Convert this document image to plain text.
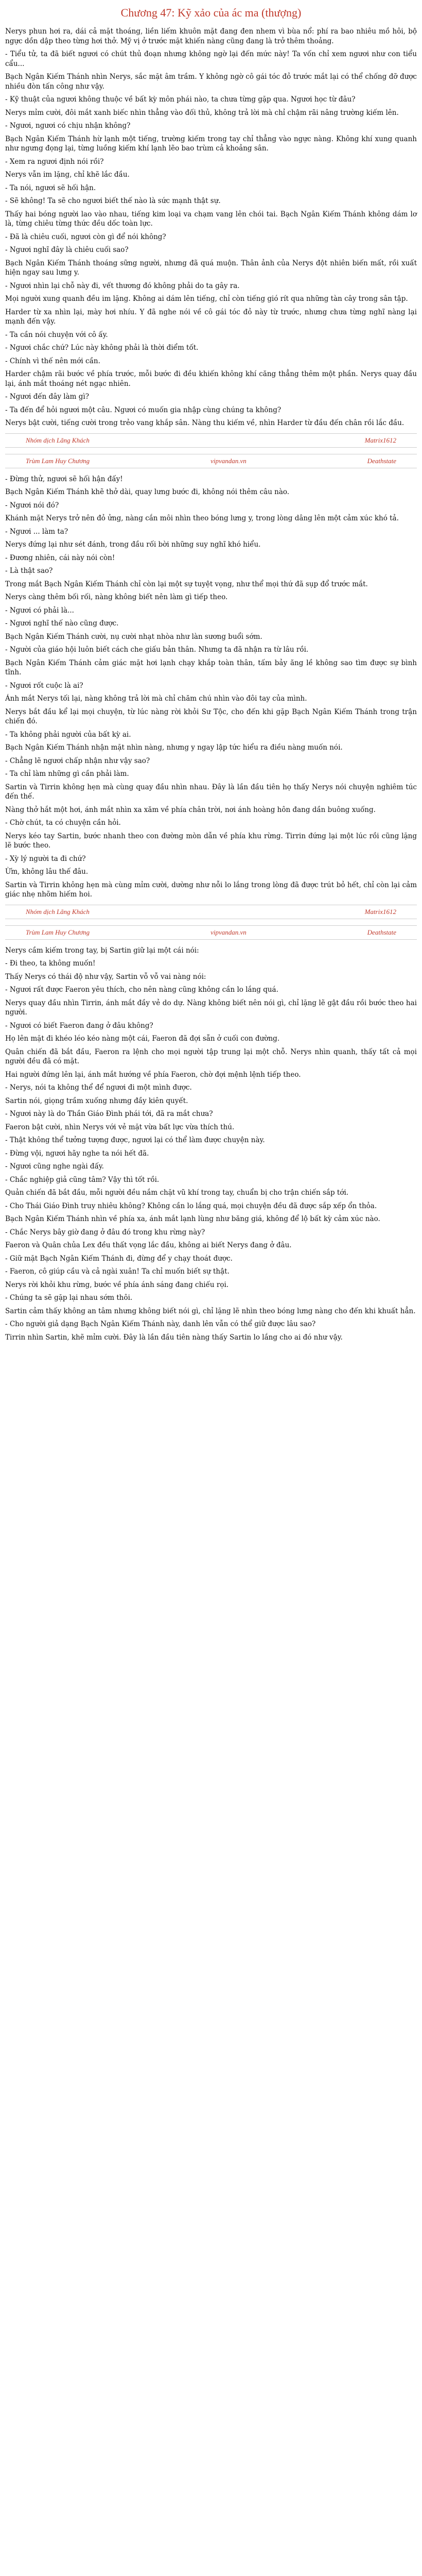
Chương 47: Kỹ xảo của ác ma (thượng)

Nerys phun hơi ra, dái cả mặt thoáng, liền liếm khuôn mặt đang đen nhem vì bùa nổ: phí ra bao nhiêu mồ hôi, bộ ngực dồn dập theo từng hơi thở. Mỹ vị ở trước mặt khiến nàng cũng đang là trở thêm thoảng.

- Tiểu tử, ta đã biết ngươi có chút thủ đoạn nhưng không ngờ lại đến mức này! Ta vốn chỉ xem ngươi như con tiểu cẩu...

Bạch Ngân Kiếm Thánh nhìn Nerys, sắc mặt âm trầm. Y không ngờ cô gái tóc đỏ trước mắt lại có thể chống đỡ được nhiều đòn tấn công như vậy.

- Kỹ thuật của ngươi không thuộc về bất kỳ môn phái nào, ta chưa từng gặp qua. Ngươi học từ đâu?

Nerys mỉm cười, đôi mắt xanh biếc nhìn thẳng vào đối thủ, không trả lời mà chỉ chậm rãi nâng trường kiếm lên.

- Ngươi, ngươi có chịu nhận không?

Bạch Ngân Kiếm Thánh hừ lạnh một tiếng, trường kiếm trong tay chỉ thẳng vào ngực nàng. Không khí xung quanh như ngưng đọng lại, từng luồng kiếm khí lạnh lẽo bao trùm cả khoảng sân.

- Xem ra ngươi định nói rồi?

Nerys vẫn im lặng, chỉ khẽ lắc đầu.

- Ta nói, ngươi sẽ hối hận.

- Sẽ không! Ta sẽ cho ngươi biết thế nào là sức mạnh thật sự.

Thấy hai bóng người lao vào nhau, tiếng kim loại va chạm vang lên chói tai. Bạch Ngân Kiếm Thánh không dám lơ là, từng chiêu từng thức đều dốc toàn lực.

- Đã là chiêu cuối, ngươi còn gì để nói không?

- Ngươi nghĩ đây là chiêu cuối sao?

Bạch Ngân Kiếm Thánh thoáng sững người, nhưng đã quá muộn. Thân ảnh của Nerys đột nhiên biến mất, rồi xuất hiện ngay sau lưng y.

- Ngươi nhìn lại chỗ này đi, vết thương đó không phải do ta gây ra.

Mọi người xung quanh đều im lặng. Không ai dám lên tiếng, chỉ còn tiếng gió rít qua những tàn cây trong sân tập.

Harder từ xa nhìn lại, mày hơi nhíu. Y đã nghe nói về cô gái tóc đỏ này từ trước, nhưng chưa từng nghĩ nàng lại mạnh đến vậy.

- Ta cần nói chuyện với cô ấy.

- Ngươi chắc chứ? Lúc này không phải là thời điểm tốt.

- Chính vì thế nên mới cần.

Harder chậm rãi bước về phía trước, mỗi bước đi đều khiến không khí căng thẳng thêm một phần. Nerys quay đầu lại, ánh mắt thoáng nét ngạc nhiên.

- Ngươi đến đây làm gì?

- Ta đến để hỏi ngươi một câu. Ngươi có muốn gia nhập cùng chúng ta không?

Nerys bật cười, tiếng cười trong trẻo vang khắp sân. Nàng thu kiếm về, nhìn Harder từ đầu đến chân rồi lắc đầu.

Nhóm dịch Lãng Khách	Matrix1612
Trùm Lam Huy Chương	vipvandan.vn	Deathstate

- Đừng thử, ngươi sẽ hối hận đấy!

Bạch Ngân Kiếm Thánh khẽ thở dài, quay lưng bước đi, không nói thêm câu nào.

- Ngươi nói đó?

Khánh mặt Nerys trở nên đỏ ửng, nàng cắn môi nhìn theo bóng lưng y, trong lòng dâng lên một cảm xúc khó tả.

- Ngươi ... làm ta?

Nerys đứng lại như sét đánh, trong đầu rối bời những suy nghĩ khó hiểu.

- Đương nhiên, cái này nói còn!

- Là thật sao?

Trong mắt Bạch Ngân Kiếm Thánh chỉ còn lại một sự tuyệt vọng, như thể mọi thứ đã sụp đổ trước mắt.

Nerys càng thêm bối rối, nàng không biết nên làm gì tiếp theo.

- Ngươi có phải là...

- Ngươi nghĩ thế nào cũng được.

Bạch Ngân Kiếm Thánh cười, nụ cười nhạt nhòa như làn sương buổi sớm.

- Người của giáo hội luôn biết cách che giấu bản thân. Nhưng ta đã nhận ra từ lâu rồi.

Bạch Ngân Kiếm Thánh cảm giác mặt hơi lạnh chạy khắp toàn thân, tấm bảy ăng lề không sao tìm được sự bình tĩnh.

- Ngươi rốt cuộc là ai?

Ánh mắt Nerys tối lại, nàng không trả lời mà chỉ chăm chú nhìn vào đôi tay của mình.

Nerys bắt đầu kể lại mọi chuyện, từ lúc nàng rời khỏi Sư Tộc, cho đến khi gặp Bạch Ngân Kiếm Thánh trong trận chiến đó.

- Ta không phải người của bất kỳ ai.

Bạch Ngân Kiếm Thánh nhận mặt nhìn nàng, nhưng y ngay lập tức hiểu ra điều nàng muốn nói.

- Chẳng lẽ ngươi chấp nhận như vậy sao?

- Ta chỉ làm những gì cần phải làm.

Sartin và Tirrin không hẹn mà cùng quay đầu nhìn nhau. Đây là lần đầu tiên họ thấy Nerys nói chuyện nghiêm túc đến thế.

Nàng thở hắt một hơi, ánh mắt nhìn xa xăm về phía chân trời, nơi ánh hoàng hôn đang dần buông xuống.

- Chờ chút, ta có chuyện cần hỏi.

Nerys kéo tay Sartin, bước nhanh theo con đường mòn dẫn về phía khu rừng. Tirrin đứng lại một lúc rồi cũng lặng lẽ bước theo.

- Xỳ lý người ta đi chứ?

Ừm, không lâu thế đâu.

Sartin và Tirrin không hẹn mà cùng mỉm cười, dường như nỗi lo lắng trong lòng đã được trút bỏ hết, chỉ còn lại cảm giác nhẹ nhõm hiếm hoi.

Nhóm dịch Lãng Khách	Matrix1612
Trùm Lam Huy Chương	vipvandan.vn	Deathstate

Nerys cầm kiếm trong tay, bị Sartin giữ lại một cái nói:

- Đi theo, ta không muốn!

Thấy Nerys có thái độ như vậy, Sartin vỗ vỗ vai nàng nói:

- Ngươi rất được Faeron yêu thích, cho nên nàng cũng không cần lo lắng quá.

Nerys quay đầu nhìn Tirrin, ánh mắt đầy vẻ do dự. Nàng không biết nên nói gì, chỉ lặng lẽ gật đầu rồi bước theo hai người.

- Ngươi có biết Faeron đang ở đâu không?

Họ lên mặt đi khéo léo kéo nàng một cái, Faeron đã đợi sẵn ở cuối con đường.

Quân chiến đã bắt đầu, Faeron ra lệnh cho mọi người tập trung lại một chỗ. Nerys nhìn quanh, thấy tất cả mọi người đều đã có mặt.

Hai người đứng lên lại, ánh mắt hướng về phía Faeron, chờ đợi mệnh lệnh tiếp theo.

- Nerys, nói ta không thể để ngươi đi một mình được.

Sartin nói, giọng trầm xuống nhưng đầy kiên quyết.

- Ngươi này là do Thần Giáo Đình phái tới, đã ra mắt chưa?

Faeron bật cười, nhìn Nerys với vẻ mặt vừa bất lực vừa thích thú.

- Thật không thể tưởng tượng được, ngươi lại có thể làm được chuyện này.

- Đừng vội, ngươi hãy nghe ta nói hết đã.

- Ngươi cũng nghe ngài đấy.

- Chắc nghiệp giả cũng tâm? Vậy thì tốt rồi.

Quản chiến đã bắt đầu, mỗi người đều nắm chặt vũ khí trong tay, chuẩn bị cho trận chiến sắp tới.

- Cho Thái Giáo Đình truy nhiêu không? Không cần lo lắng quá, mọi chuyện đều đã được sắp xếp ổn thỏa.

Bạch Ngân Kiếm Thánh nhìn về phía xa, ánh mắt lạnh lùng như băng giá, không để lộ bất kỳ cảm xúc nào.

- Chắc Nerys bây giờ đang ở đâu đó trong khu rừng này?

Faeron và Quân chủa Lex đều thất vọng lắc đầu, không ai biết Nerys đang ở đâu.

- Giữ mặt Bạch Ngân Kiếm Thánh đi, đừng để y chạy thoát được.

- Faeron, cô giúp cầu và cả ngài xuân! Ta chỉ muốn biết sự thật.

Nerys rời khỏi khu rừng, bước về phía ánh sáng đang chiếu rọi.

- Chúng ta sẽ gặp lại nhau sớm thôi.

Sartin cảm thấy không an tâm nhưng không biết nói gì, chỉ lặng lẽ nhìn theo bóng lưng nàng cho đến khi khuất hẳn.

- Cho người giả dạng Bạch Ngân Kiếm Thánh này, danh lên vẫn có thể giữ được lâu sao?

Tirrin nhìn Sartin, khẽ mỉm cười. Đây là lần đầu tiên nàng thấy Sartin lo lắng cho ai đó như vậy.
